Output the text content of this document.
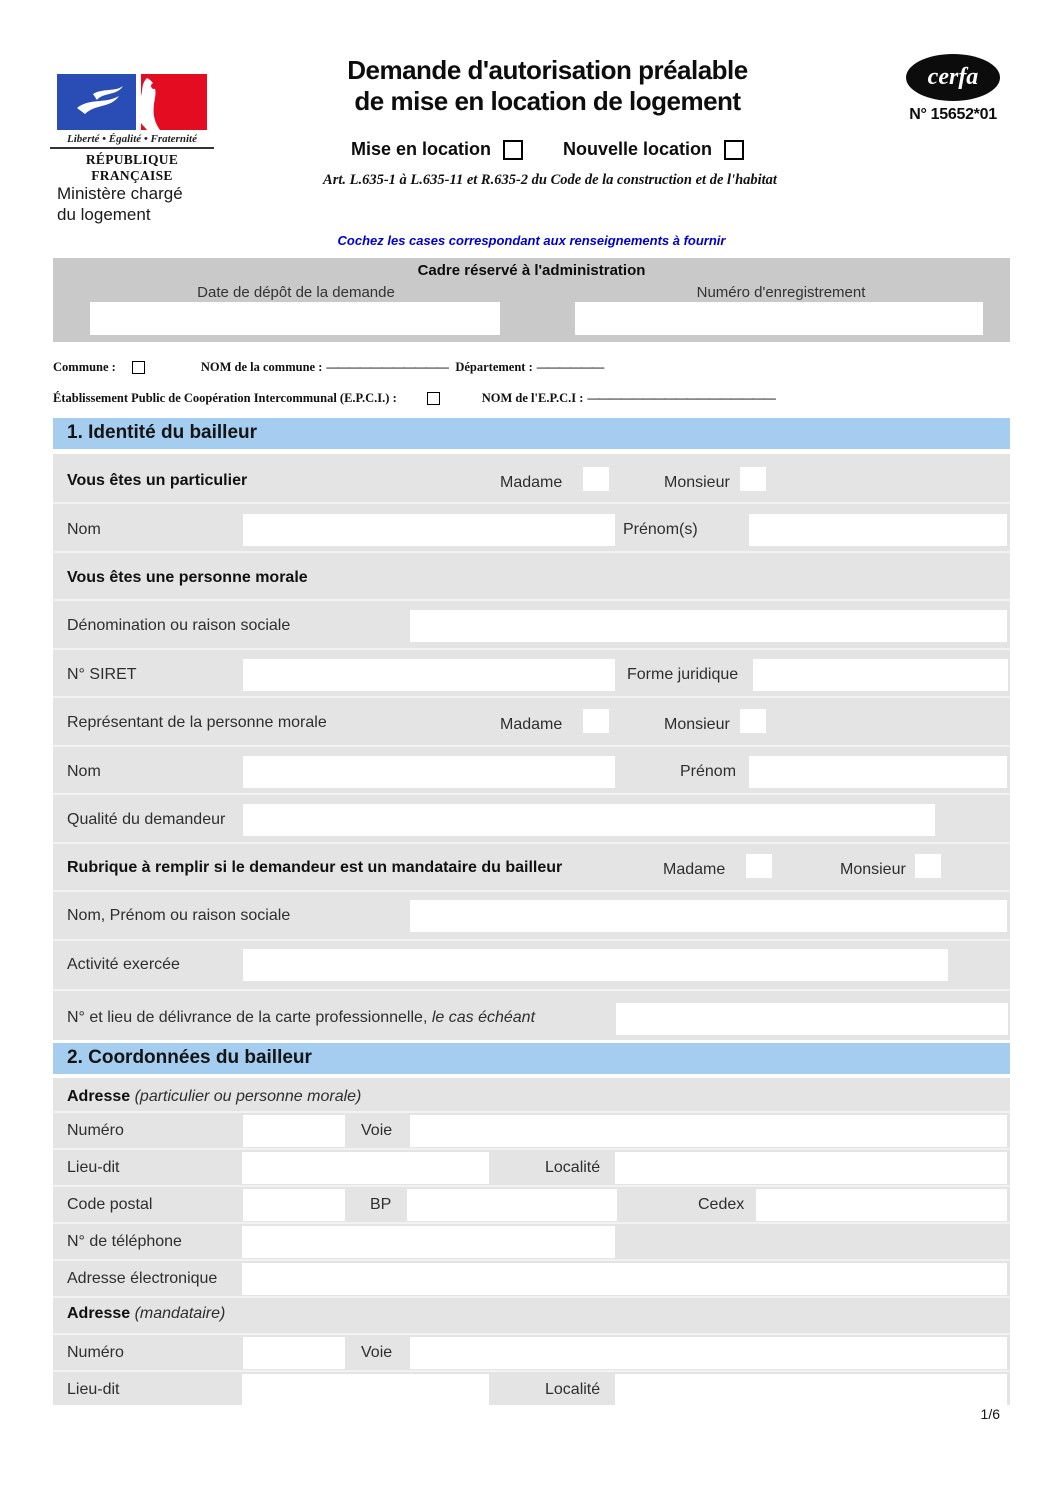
Liberté • Égalité • Fraternité
RÉPUBLIQUE FRANÇAISE
Ministère chargé
du logement
Demande d'autorisation préalable
de mise en location de logement
Mise en location	Nouvelle location
Art. L.635-1 à L.635-11 et R.635-2 du Code de la construction et de l'habitat
cerfa
N° 15652*01
Cochez les cases correspondant aux renseignements à fournir
Cadre réservé à l'administration
Date de dépôt de la demande	Numéro d'enregistrement
Commune :	NOM de la commune : ——————————— Département : ——————
Établissement Public de Coopération Intercommunal (E.P.C.I.) :	NOM de l'E.P.C.I : —————————————————
1. Identité du bailleur
Vous êtes un particulier	Madame	Monsieur
Nom	Prénom(s)
Vous êtes une personne morale
Dénomination ou raison sociale
N° SIRET	Forme juridique
Représentant de la personne morale	Madame	Monsieur
Nom	Prénom
Qualité du demandeur
Rubrique à remplir si le demandeur est un mandataire du bailleur	Madame	Monsieur
Nom, Prénom ou raison sociale
Activité exercée
N° et lieu de délivrance de la carte professionnelle, le cas échéant
2. Coordonnées du bailleur
Adresse (particulier ou personne morale)
Numéro	Voie
Lieu-dit	Localité
Code postal	BP	Cedex
N° de téléphone
Adresse électronique
Adresse (mandataire)
Numéro	Voie
Lieu-dit	Localité
1/6
